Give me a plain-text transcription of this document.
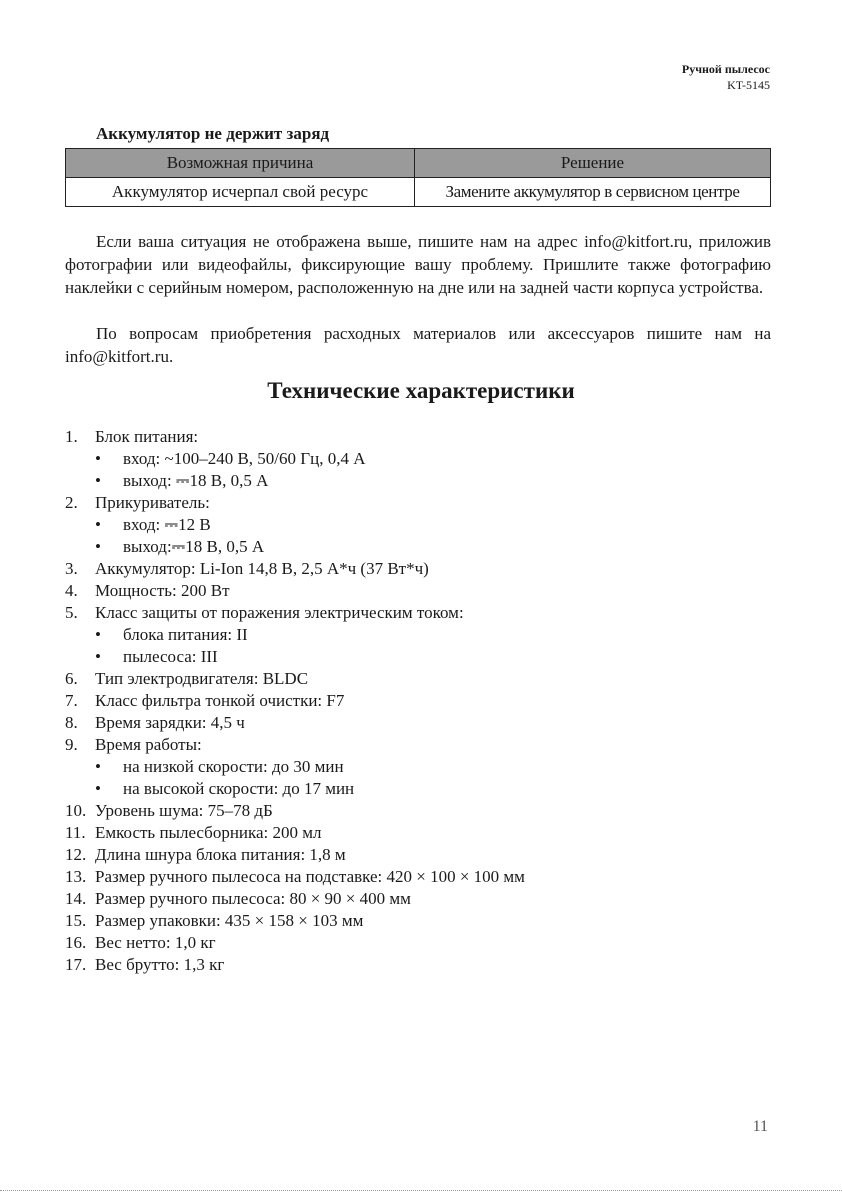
Ручной пылесос
KT-5145
Аккумулятор не держит заряд
Возможная причина	Решение
Аккумулятор исчерпал свой ресурс	Замените аккумулятор в сервисном центре
Если ваша ситуация не отображена выше, пишите нам на адрес info@kitfort.ru, приложив фотографии или видеофайлы, фиксирующие вашу проблему. Пришлите также фотографию наклейки с серийным номером, расположенную на дне или на задней части корпуса устройства.
По вопросам приобретения расходных материалов или аксессуаров пишите нам на info@kitfort.ru.
Технические характеристики
1. Блок питания:
• вход: ~100–240 В, 50/60 Гц, 0,4 А
• выход: ⎓18 В, 0,5 А
2. Прикуриватель:
• вход: ⎓12 В
• выход:⎓18 В, 0,5 А
3. Аккумулятор: Li-Ion 14,8 В, 2,5 А*ч (37 Вт*ч)
4. Мощность: 200 Вт
5. Класс защиты от поражения электрическим током:
• блока питания: II
• пылесоса: III
6. Тип электродвигателя: BLDC
7. Класс фильтра тонкой очистки: F7
8. Время зарядки: 4,5 ч
9. Время работы:
• на низкой скорости: до 30 мин
• на высокой скорости: до 17 мин
10. Уровень шума: 75–78 дБ
11. Емкость пылесборника: 200 мл
12. Длина шнура блока питания: 1,8 м
13. Размер ручного пылесоса на подставке: 420 × 100 × 100 мм
14. Размер ручного пылесоса: 80 × 90 × 400 мм
15. Размер упаковки: 435 × 158 × 103 мм
16. Вес нетто: 1,0 кг
17. Вес брутто: 1,3 кг
11
